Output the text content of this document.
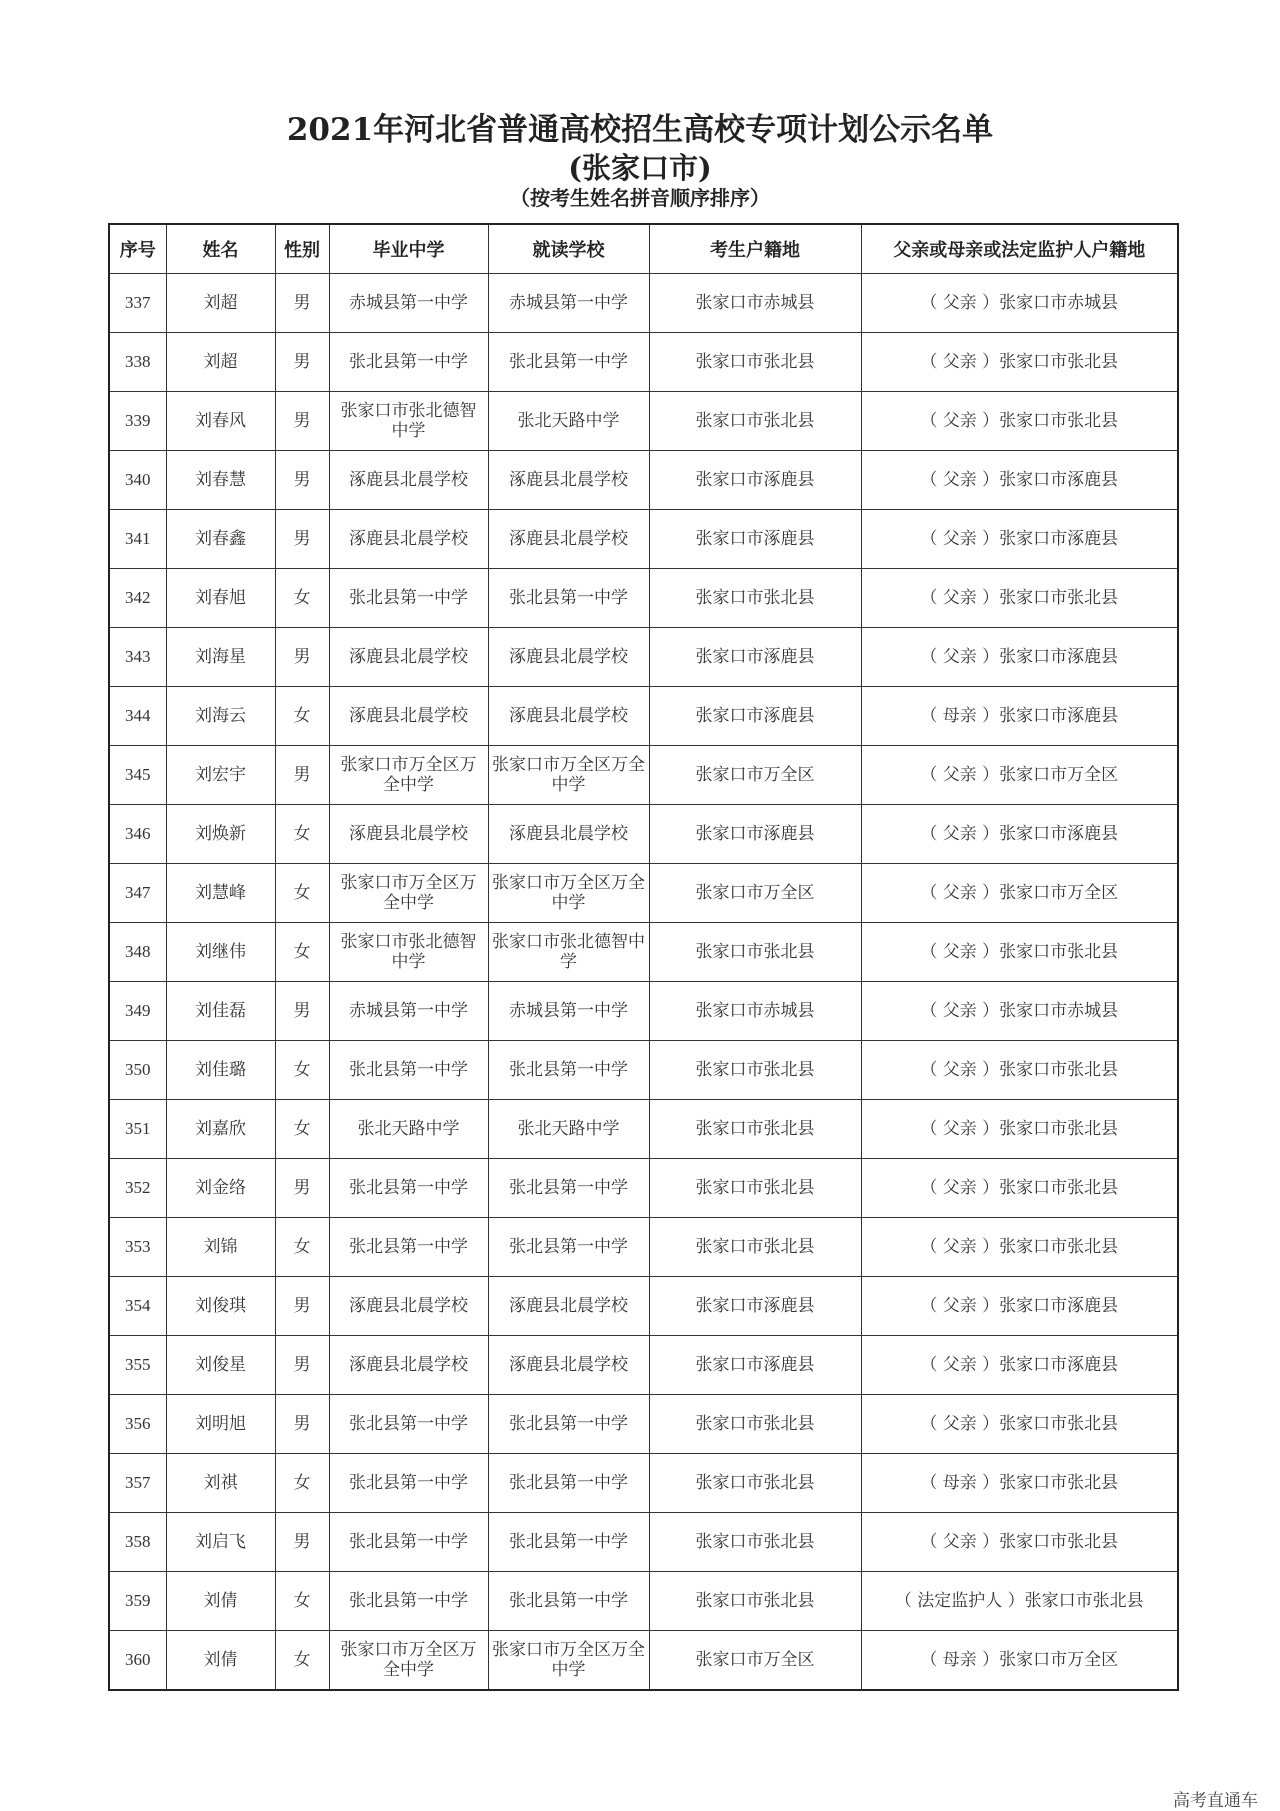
2021年河北省普通高校招生高校专项计划公示名单
(张家口市)
（按考生姓名拼音顺序排序）
序号	姓名	性别	毕业中学	就读学校	考生户籍地	父亲或母亲或法定监护人户籍地
337	刘超	男	赤城县第一中学	赤城县第一中学	张家口市赤城县	（ 父亲 ）张家口市赤城县
338	刘超	男	张北县第一中学	张北县第一中学	张家口市张北县	（ 父亲 ）张家口市张北县
339	刘春风	男	张家口市张北德智中学	张北天路中学	张家口市张北县	（ 父亲 ）张家口市张北县
340	刘春慧	男	涿鹿县北晨学校	涿鹿县北晨学校	张家口市涿鹿县	（ 父亲 ）张家口市涿鹿县
341	刘春鑫	男	涿鹿县北晨学校	涿鹿县北晨学校	张家口市涿鹿县	（ 父亲 ）张家口市涿鹿县
342	刘春旭	女	张北县第一中学	张北县第一中学	张家口市张北县	（ 父亲 ）张家口市张北县
343	刘海星	男	涿鹿县北晨学校	涿鹿县北晨学校	张家口市涿鹿县	（ 父亲 ）张家口市涿鹿县
344	刘海云	女	涿鹿县北晨学校	涿鹿县北晨学校	张家口市涿鹿县	（ 母亲 ）张家口市涿鹿县
345	刘宏宇	男	张家口市万全区万全中学	张家口市万全区万全中学	张家口市万全区	（ 父亲 ）张家口市万全区
346	刘焕新	女	涿鹿县北晨学校	涿鹿县北晨学校	张家口市涿鹿县	（ 父亲 ）张家口市涿鹿县
347	刘慧峰	女	张家口市万全区万全中学	张家口市万全区万全中学	张家口市万全区	（ 父亲 ）张家口市万全区
348	刘继伟	女	张家口市张北德智中学	张家口市张北德智中学	张家口市张北县	（ 父亲 ）张家口市张北县
349	刘佳磊	男	赤城县第一中学	赤城县第一中学	张家口市赤城县	（ 父亲 ）张家口市赤城县
350	刘佳璐	女	张北县第一中学	张北县第一中学	张家口市张北县	（ 父亲 ）张家口市张北县
351	刘嘉欣	女	张北天路中学	张北天路中学	张家口市张北县	（ 父亲 ）张家口市张北县
352	刘金络	男	张北县第一中学	张北县第一中学	张家口市张北县	（ 父亲 ）张家口市张北县
353	刘锦	女	张北县第一中学	张北县第一中学	张家口市张北县	（ 父亲 ）张家口市张北县
354	刘俊琪	男	涿鹿县北晨学校	涿鹿县北晨学校	张家口市涿鹿县	（ 父亲 ）张家口市涿鹿县
355	刘俊星	男	涿鹿县北晨学校	涿鹿县北晨学校	张家口市涿鹿县	（ 父亲 ）张家口市涿鹿县
356	刘明旭	男	张北县第一中学	张北县第一中学	张家口市张北县	（ 父亲 ）张家口市张北县
357	刘祺	女	张北县第一中学	张北县第一中学	张家口市张北县	（ 母亲 ）张家口市张北县
358	刘启飞	男	张北县第一中学	张北县第一中学	张家口市张北县	（ 父亲 ）张家口市张北县
359	刘倩	女	张北县第一中学	张北县第一中学	张家口市张北县	（ 法定监护人 ）张家口市张北县
360	刘倩	女	张家口市万全区万全中学	张家口市万全区万全中学	张家口市万全区	（ 母亲 ）张家口市万全区
高考直通车
